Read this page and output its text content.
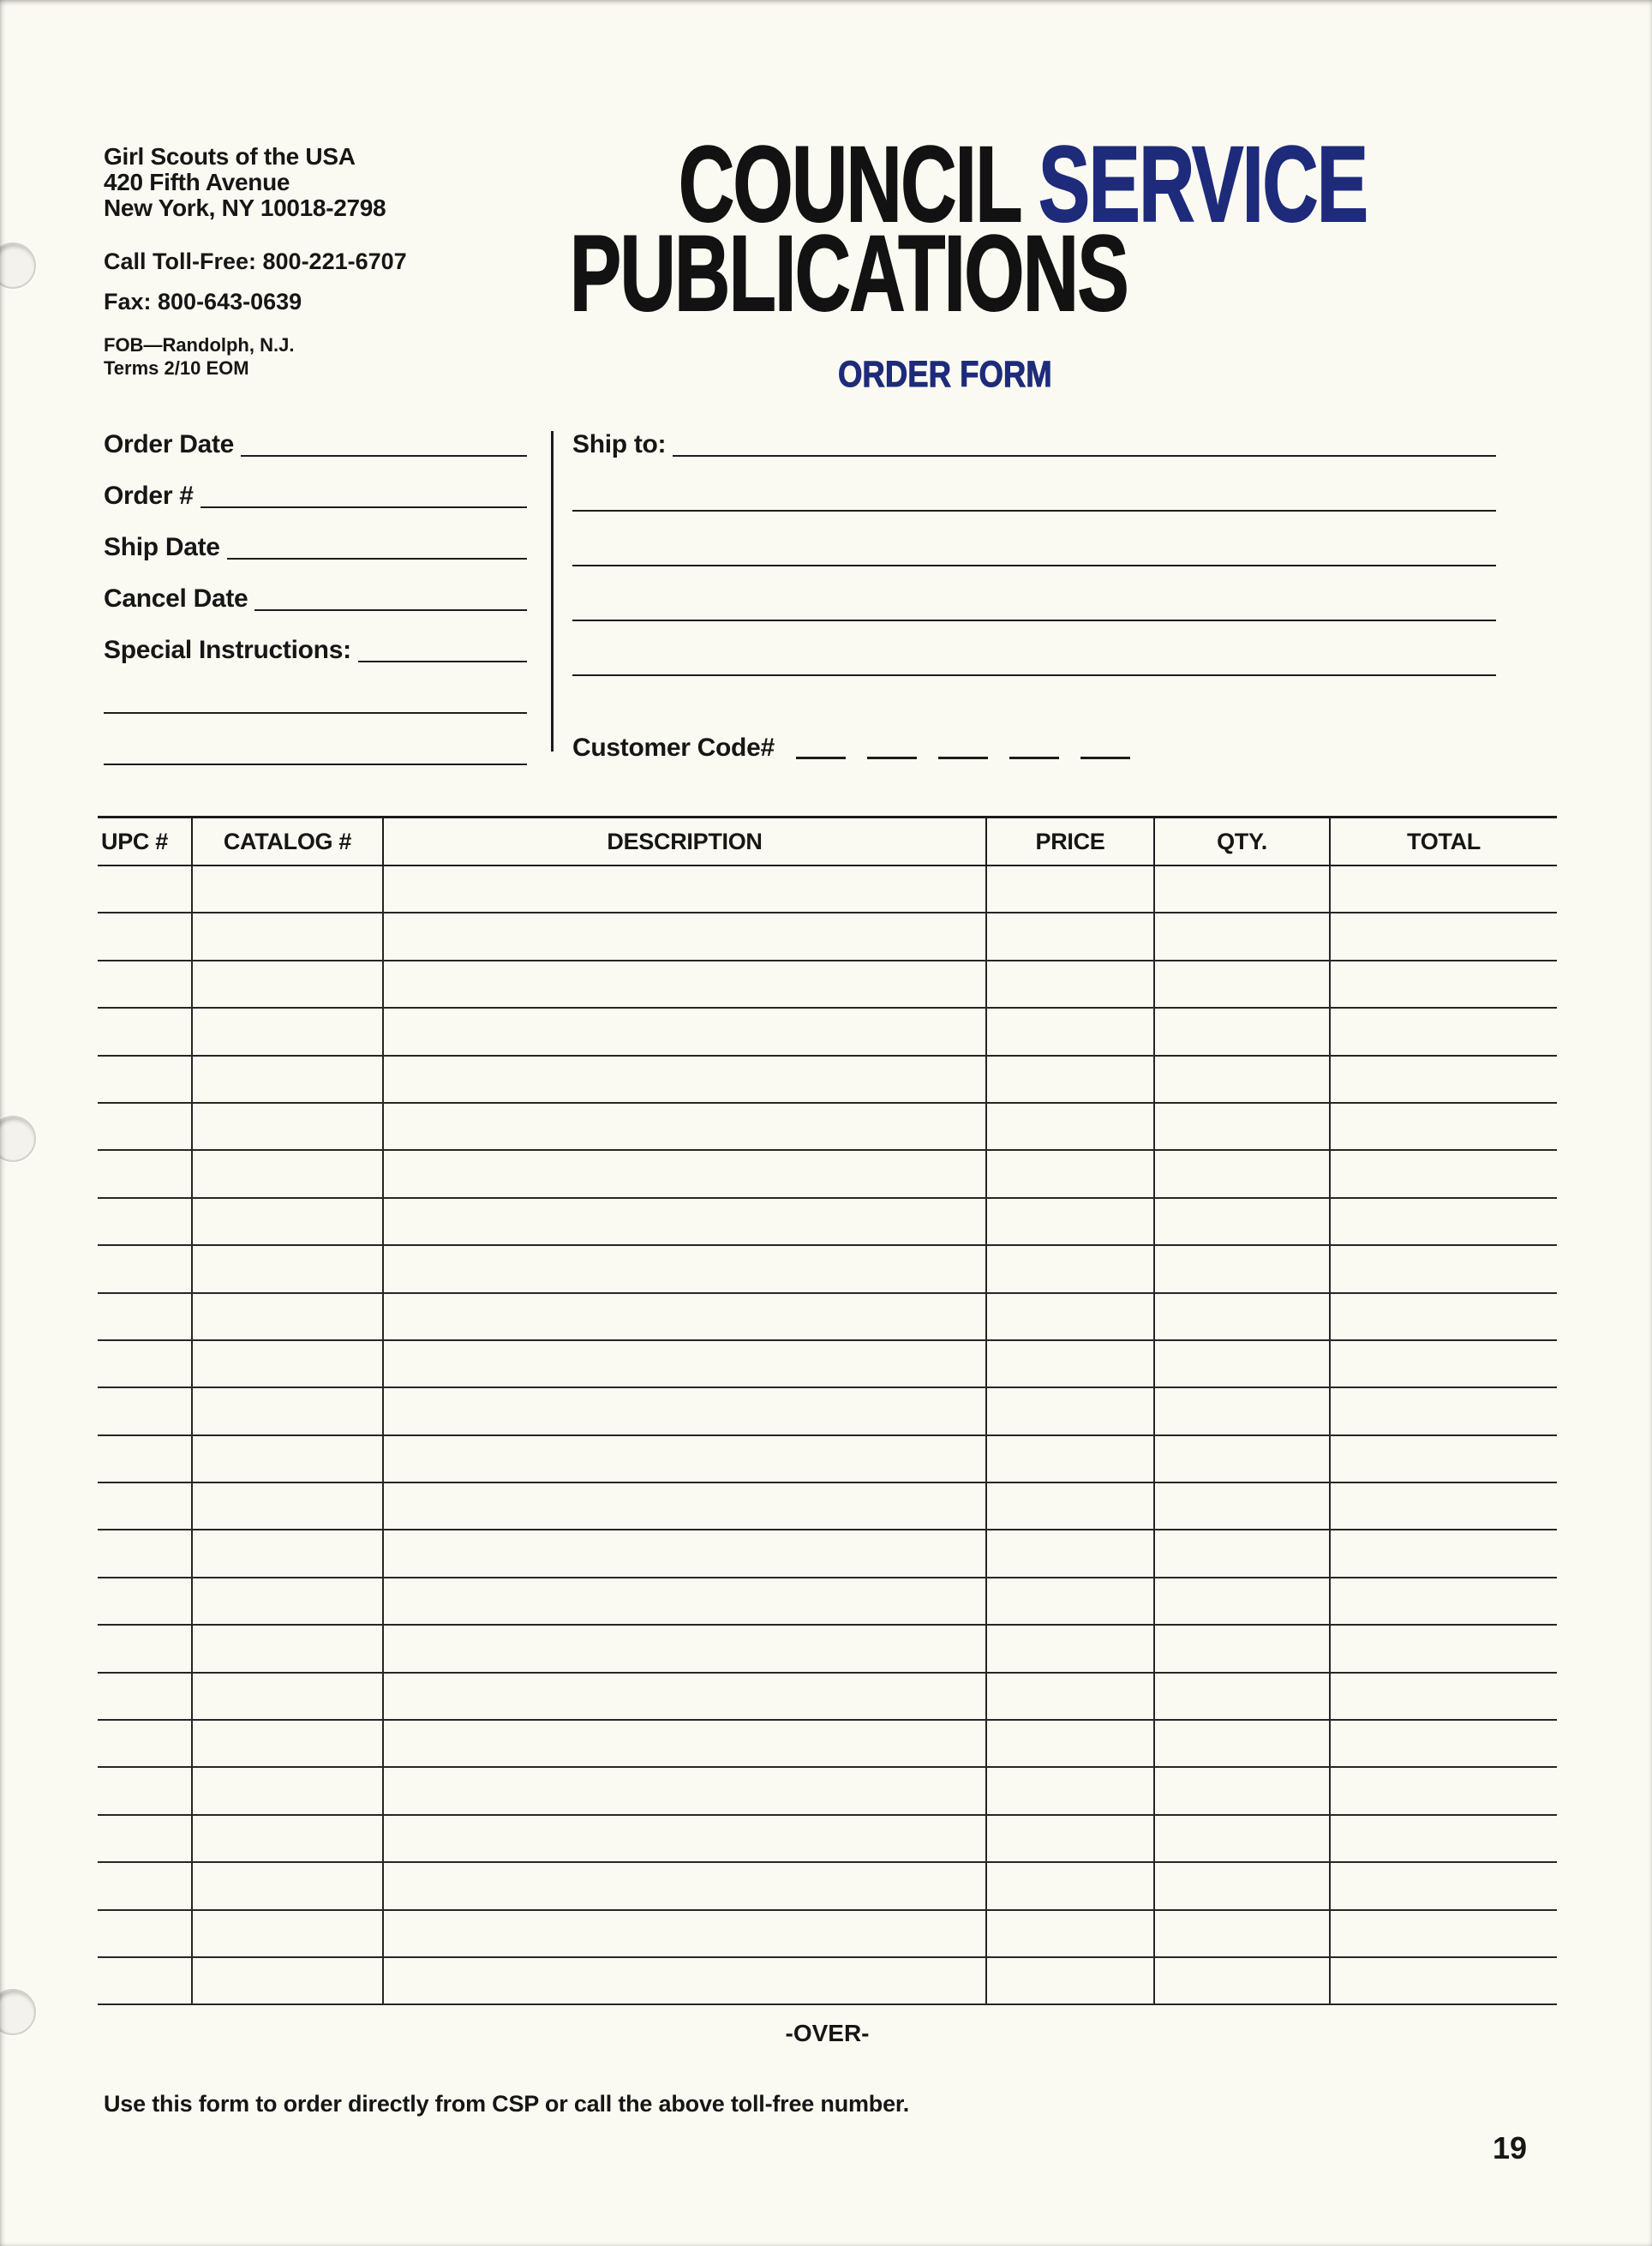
Girl Scouts of the USA
420 Fifth Avenue
New York, NY 10018-2798
Call Toll-Free: 800-221-6707
Fax: 800-643-0639
FOB—Randolph, N.J.
Terms 2/10 EOM
COUNCIL SERVICE
PUBLICATIONS
ORDER FORM
Order Date
Order #
Ship Date
Cancel Date
Special Instructions:
Ship to:
Customer Code#
UPC #	CATALOG #	DESCRIPTION	PRICE	QTY.	TOTAL
-OVER-
Use this form to order directly from CSP or call the above toll-free number.
19
